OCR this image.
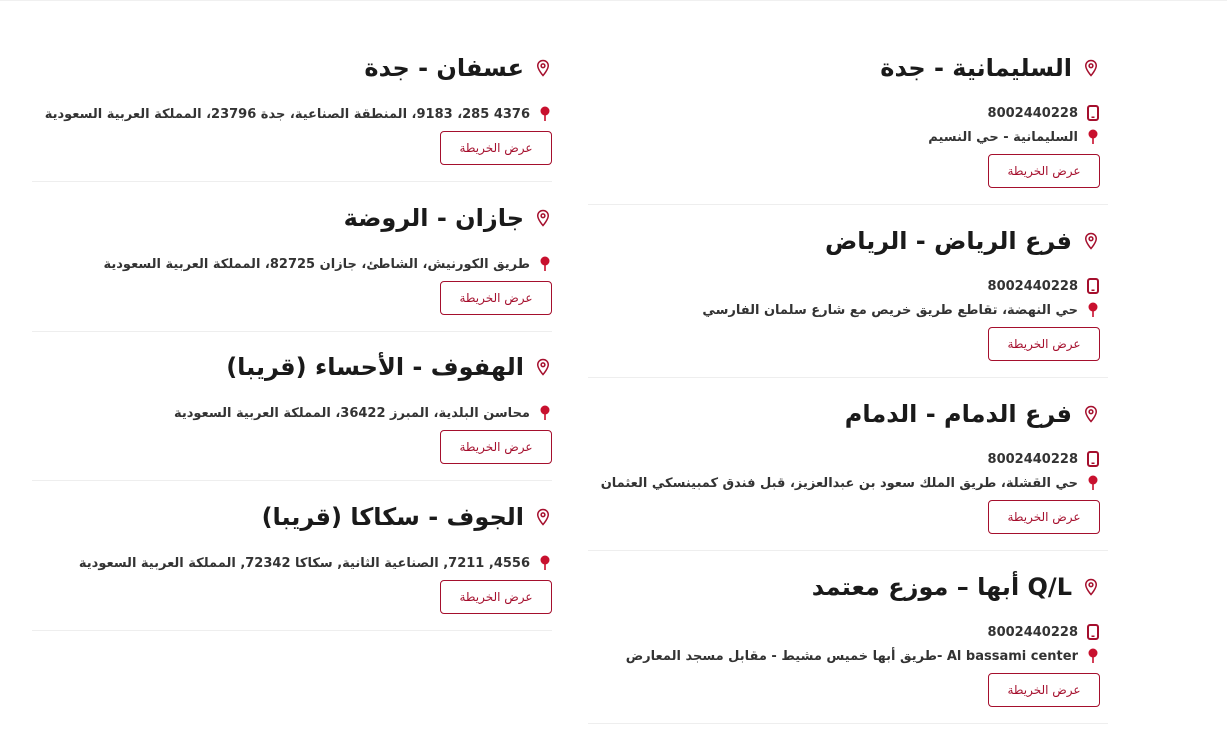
السليمانية - جدة
8002440228
السليمانية - حي النسيم
عرض الخريطة
فرع الرياض - الرياض
8002440228
حي النهضة، تقاطع طريق خريص مع شارع سلمان الفارسي
عرض الخريطة
فرع الدمام - الدمام
8002440228
حي القشلة، طريق الملك سعود بن عبدالعزيز، قبل فندق كمبينسكي العثمان
عرض الخريطة
Q/L أبها – موزع معتمد
8002440228
Al bassami center -طريق أبها خميس مشيط - مقابل مسجد المعارض
عرض الخريطة
عسفان - جدة
4376 285، 9183، المنطقة الصناعية، جدة 23796، المملكة العربية السعودية
عرض الخريطة
جازان - الروضة
طريق الكورنيش، الشاطئ، جازان 82725، المملكة العربية السعودية
عرض الخريطة
الهفوف - الأحساء (قريبا)
محاسن البلدية، المبرز 36422، المملكة العربية السعودية
عرض الخريطة
الجوف - سكاكا (قريبا)
4556, 7211, الصناعية الثانية, سكاكا 72342, المملكة العربية السعودية
عرض الخريطة
